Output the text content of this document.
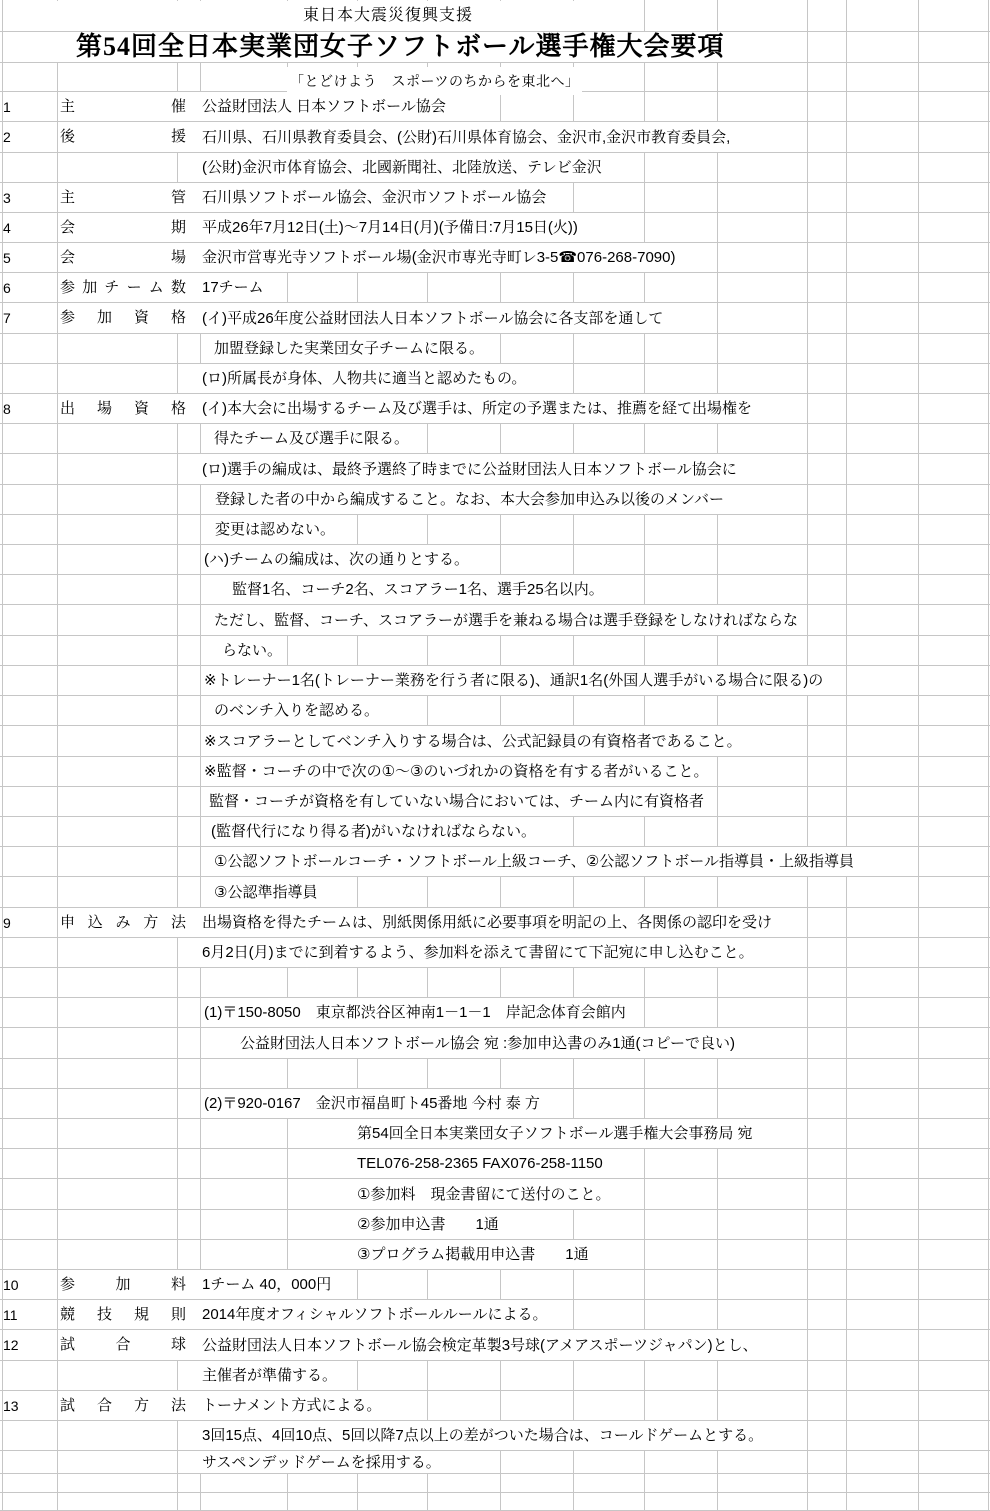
東日本大震災復興支援
第54回全日本実業団女子ソフトボール選手権大会要項
「とどけよう　スポーツのちからを東北へ」
1	主催 公益財団法人 日本ソフトボール協会
2	後援 石川県、石川県教育委員会、(公財)石川県体育協会、金沢市,金沢市教育委員会,
(公財)金沢市体育協会、北國新聞社、北陸放送、テレビ金沢
3	主管 石川県ソフトボール協会、金沢市ソフトボール協会
4	会期 平成26年7月12日(土)～7月14日(月)(予備日:7月15日(火))
5	会場 金沢市営専光寺ソフトボール場(金沢市専光寺町レ3-5☎076-268-7090)
6	参加チーム数 17チーム
7	参加資格 (イ)平成26年度公益財団法人日本ソフトボール協会に各支部を通して
加盟登録した実業団女子チームに限る。
(ロ)所属長が身体、人物共に適当と認めたもの。
8	出場資格 (イ)本大会に出場するチーム及び選手は、所定の予選または、推薦を経て出場権を
得たチーム及び選手に限る。
(ロ)選手の編成は、最終予選終了時までに公益財団法人日本ソフトボール協会に
登録した者の中から編成すること。なお、本大会参加申込み以後のメンバー
変更は認めない。
(ハ)チームの編成は、次の通りとする。
監督1名、コーチ2名、スコアラー1名、選手25名以内。
ただし、監督、コーチ、スコアラーが選手を兼ねる場合は選手登録をしなければならな
らない。
※トレーナー1名(トレーナー業務を行う者に限る)、通訳1名(外国人選手がいる場合に限る)の
のベンチ入りを認める。
※スコアラーとしてベンチ入りする場合は、公式記録員の有資格者であること。
※監督・コーチの中で次の①～③のいづれかの資格を有する者がいること。
監督・コーチが資格を有していない場合においては、チーム内に有資格者
(監督代行になり得る者)がいなければならない。
①公認ソフトボールコーチ・ソフトボール上級コーチ、②公認ソフトボール指導員・上級指導員
③公認準指導員
9	申込み方法 出場資格を得たチームは、別紙関係用紙に必要事項を明記の上、各関係の認印を受け
6月2日(月)までに到着するよう、参加料を添えて書留にて下記宛に申し込むこと。
(1)〒150-8050　東京都渋谷区神南1－1－1　岸記念体育会館内
公益財団法人日本ソフトボール協会 宛 :参加申込書のみ1通(コピーで良い)
(2)〒920-0167　金沢市福畠町ト45番地 今村 泰 方
第54回全日本実業団女子ソフトボール選手権大会事務局 宛
TEL076-258-2365 FAX076-258-1150
①参加料　現金書留にて送付のこと。
②参加申込書　　1通
③プログラム掲載用申込書　　1通
10	参加料 1チーム 40，000円
11	競技規則 2014年度オフィシャルソフトボールルールによる。
12	試合球 公益財団法人日本ソフトボール協会検定革製3号球(アメアスポーツジャパン)とし、
主催者が準備する。
13	試合方法 トーナメント方式による。
3回15点、4回10点、5回以降7点以上の差がついた場合は、コールドゲームとする。
サスペンデッドゲームを採用する。
